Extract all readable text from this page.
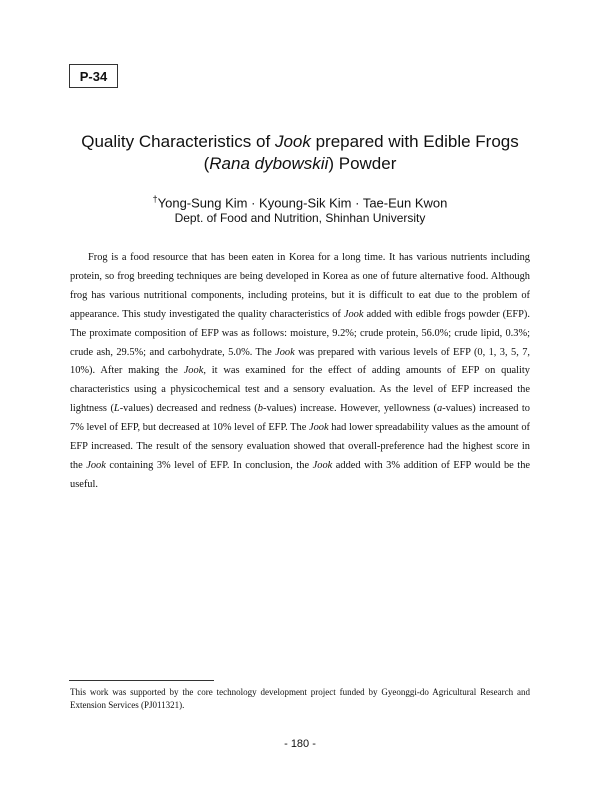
P-34
Quality Characteristics of Jook prepared with Edible Frogs
(Rana dybowskii) Powder
†Yong-Sung Kim · Kyoung-Sik Kim · Tae-Eun Kwon
Dept. of Food and Nutrition, Shinhan University
Frog is a food resource that has been eaten in Korea for a long time. It has various nutrients including protein, so frog breeding techniques are being developed in Korea as one of future alternative food. Although frog has various nutritional components, including proteins, but it is difficult to eat due to the problem of appearance. This study investigated the quality characteristics of Jook added with edible frogs powder (EFP). The proximate composition of EFP was as follows: moisture, 9.2%; crude protein, 56.0%; crude lipid, 0.3%; crude ash, 29.5%; and carbohydrate, 5.0%. The Jook was prepared with various levels of EFP (0, 1, 3, 5, 7, 10%). After making the Jook, it was examined for the effect of adding amounts of EFP on quality characteristics using a physicochemical test and a sensory evaluation. As the level of EFP increased the lightness (L-values) decreased and redness (b-values) increase. However, yellowness (a-values) increased to 7% level of EFP, but decreased at 10% level of EFP. The Jook had lower spreadability values as the amount of EFP increased. The result of the sensory evaluation showed that overall-preference had the highest score in the Jook containing 3% level of EFP. In conclusion, the Jook added with 3% addition of EFP would be the useful.
This work was supported by the core technology development project funded by Gyeonggi-do Agricultural Research and Extension Services (PJ011321).
- 180 -
